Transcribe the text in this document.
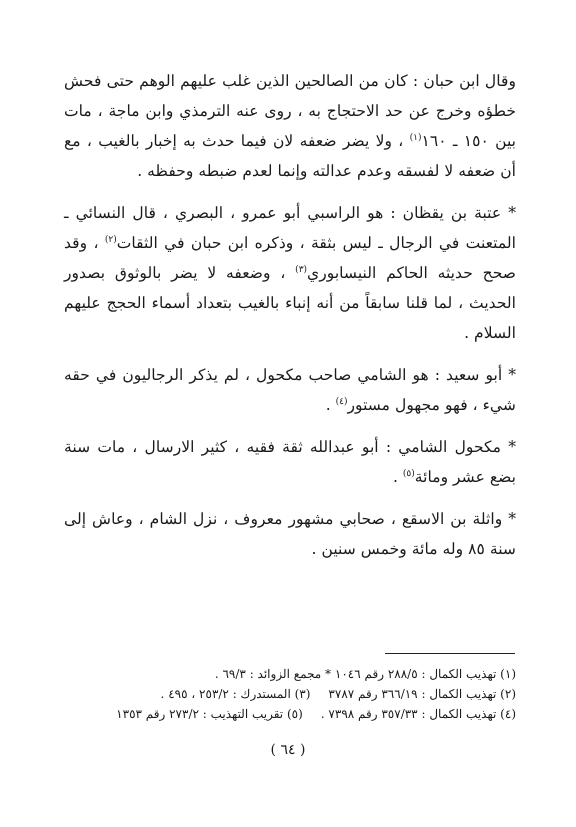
وقال ابن حبان : كان من الصالحين الذين غلب عليهم الوهم حتى فحش خطؤه وخرج عن حد الاحتجاج به ، روى عنه الترمذي وابن ماجة ، مات بين ١٥٠ ـ ١٦٠$^{(١)}$ ، ولا يضر ضعفه لان فيما حدث به إخبار بالغيب ، مع أن ضعفه لا لفسقه وعدم عدالته وإنما لعدم ضبطه وحفظه .

* عتبة بن يقظان : هو الراسبي أبو عمرو ، البصري ، قال النسائي ـ المتعنت في الرجال ـ ليس بثقة ، وذكره ابن حبان في الثقات$^{(٢)}$ ، وقد صحح حديثه الحاكم النيسابوري$^{(٣)}$ ، وضعفه لا يضر بالوثوق بصدور الحديث ، لما قلنا سابقاً من أنه إنباء بالغيب بتعداد أسماء الحجج عليهم السلام .

* أبو سعيد : هو الشامي صاحب مكحول ، لم يذكر الرجاليون في حقه شيء ، فهو مجهول مستور$^{(٤)}$ .

* مكحول الشامي : أبو عبدالله ثقة فقيه ، كثير الارسال ، مات سنة بضع عشر ومائة$^{(٥)}$ .

* واثلة بن الاسقع ، صحابي مشهور معروف ، نزل الشام ، وعاش إلى سنة ٨٥ وله مائة وخمس سنين .

(١) تهذيب الكمال : ٢٨٨/٥ رقم ١٠٤٦ * مجمع الزوائد : ٦٩/٣ .
(٢) تهذيب الكمال : ٣٦٦/١٩ رقم ٣٧٨٧
(٣) المستدرك : ٢٥٣/٢ ، ٤٩٥ .
(٤) تهذيب الكمال : ٣٥٧/٣٣ رقم ٧٣٩٨ .
(٥) تقريب التهذيب : ٢٧٣/٢ رقم ١٣٥٣
( ٦٤ )
